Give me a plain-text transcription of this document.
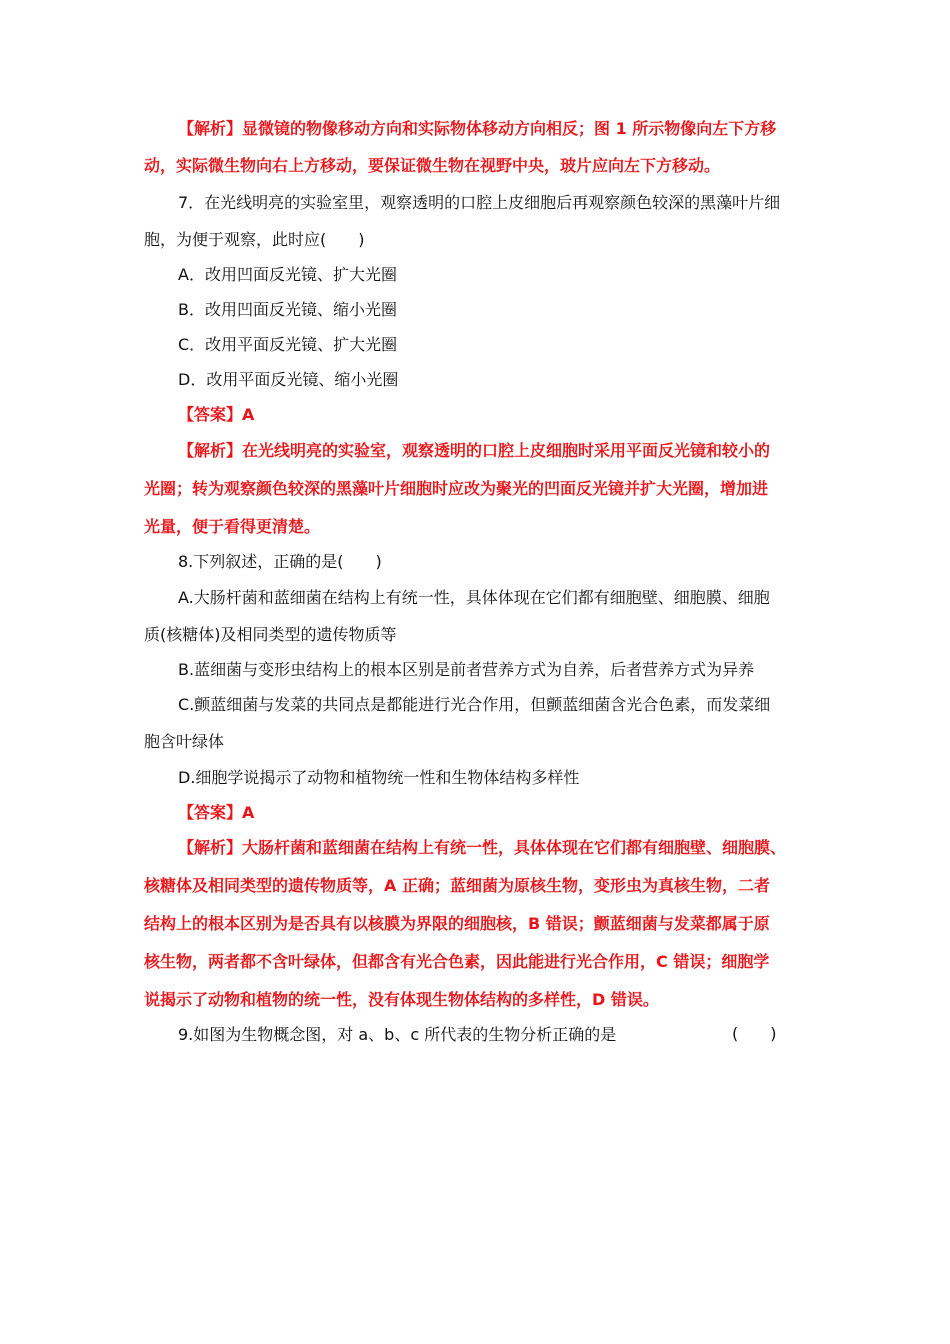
【解析】显微镜的物像移动方向和实际物体移动方向相反；图 1 所示物像向左下方移
动，实际微生物向右上方移动，要保证微生物在视野中央，玻片应向左下方移动。
7．在光线明亮的实验室里，观察透明的口腔上皮细胞后再观察颜色较深的黑藻叶片细
胞，为便于观察，此时应(　　)
A．改用凹面反光镜、扩大光圈
B．改用凹面反光镜、缩小光圈
C．改用平面反光镜、扩大光圈
D．改用平面反光镜、缩小光圈
【答案】A
【解析】在光线明亮的实验室，观察透明的口腔上皮细胞时采用平面反光镜和较小的
光圈；转为观察颜色较深的黑藻叶片细胞时应改为聚光的凹面反光镜并扩大光圈，增加进
光量，便于看得更清楚。
8.下列叙述，正确的是(　　)
A.大肠杆菌和蓝细菌在结构上有统一性，具体体现在它们都有细胞壁、细胞膜、细胞
质(核糖体)及相同类型的遗传物质等
B.蓝细菌与变形虫结构上的根本区别是前者营养方式为自养，后者营养方式为异养
C.颤蓝细菌与发菜的共同点是都能进行光合作用，但颤蓝细菌含光合色素，而发菜细
胞含叶绿体
D.细胞学说揭示了动物和植物统一性和生物体结构多样性
【答案】A
【解析】大肠杆菌和蓝细菌在结构上有统一性，具体体现在它们都有细胞壁、细胞膜、
核糖体及相同类型的遗传物质等，A 正确；蓝细菌为原核生物，变形虫为真核生物，二者
结构上的根本区别为是否具有以核膜为界限的细胞核，B 错误；颤蓝细菌与发菜都属于原
核生物，两者都不含叶绿体，但都含有光合色素，因此能进行光合作用，C 错误；细胞学
说揭示了动物和植物的统一性，没有体现生物体结构的多样性，D 错误。
9.如图为生物概念图，对 a、b、c 所代表的生物分析正确的是	(　　)
